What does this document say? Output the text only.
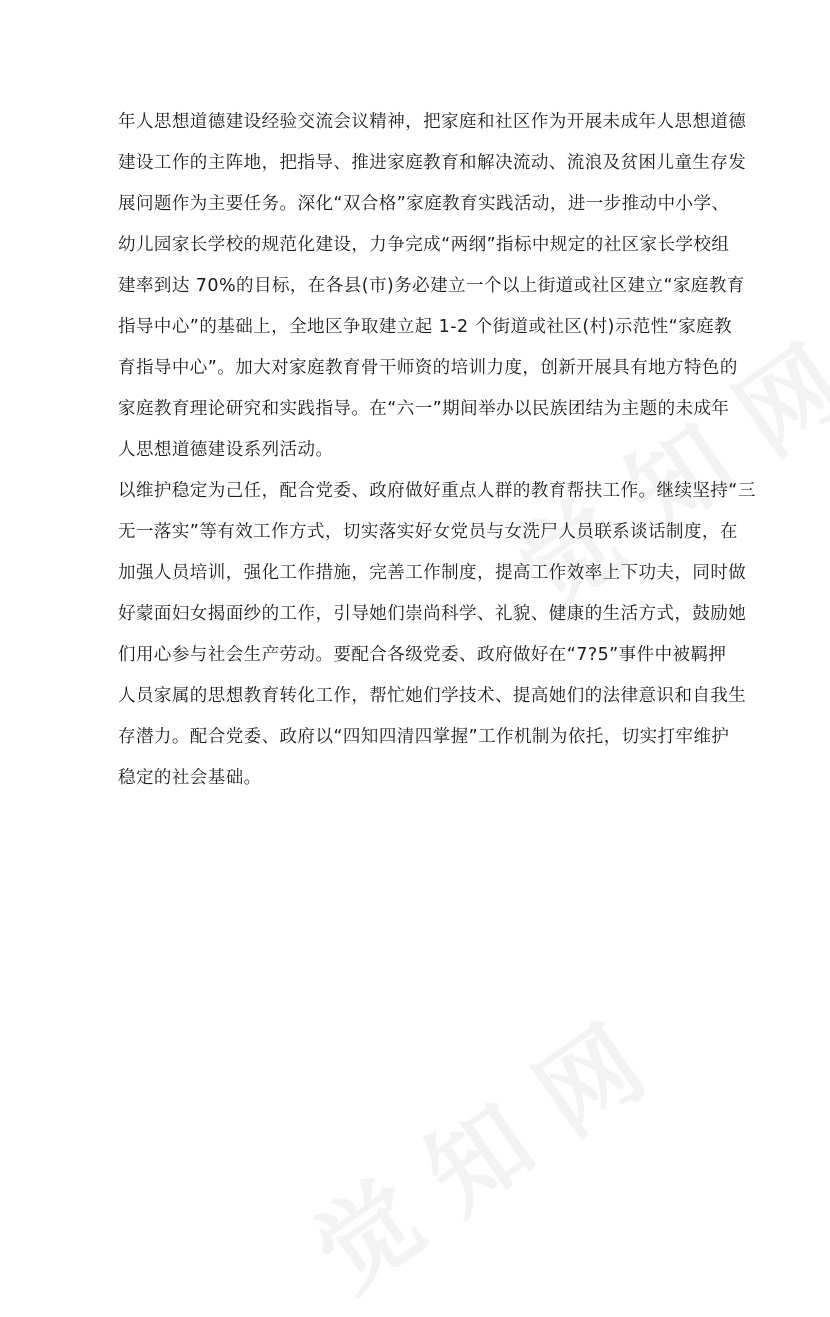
年人思想道德建设经验交流会议精神，把家庭和社区作为开展未成年人思想道德
建设工作的主阵地，把指导、推进家庭教育和解决流动、流浪及贫困儿童生存发
展问题作为主要任务。深化“双合格”家庭教育实践活动，进一步推动中小学、
幼儿园家长学校的规范化建设，力争完成“两纲”指标中规定的社区家长学校组
建率到达 70%的目标，在各县(市)务必建立一个以上街道或社区建立“家庭教育
指导中心”的基础上，全地区争取建立起 1-2 个街道或社区(村)示范性“家庭教
育指导中心”。加大对家庭教育骨干师资的培训力度，创新开展具有地方特色的
家庭教育理论研究和实践指导。在“六一”期间举办以民族团结为主题的未成年
人思想道德建设系列活动。
以维护稳定为己任，配合党委、政府做好重点人群的教育帮扶工作。继续坚持“三
无一落实”等有效工作方式，切实落实好女党员与女洗尸人员联系谈话制度，在
加强人员培训，强化工作措施，完善工作制度，提高工作效率上下功夫，同时做
好蒙面妇女揭面纱的工作，引导她们崇尚科学、礼貌、健康的生活方式，鼓励她
们用心参与社会生产劳动。要配合各级党委、政府做好在“7?5”事件中被羁押
人员家属的思想教育转化工作，帮忙她们学技术、提高她们的法律意识和自我生
存潜力。配合党委、政府以“四知四清四掌握”工作机制为依托，切实打牢维护
稳定的社会基础。
